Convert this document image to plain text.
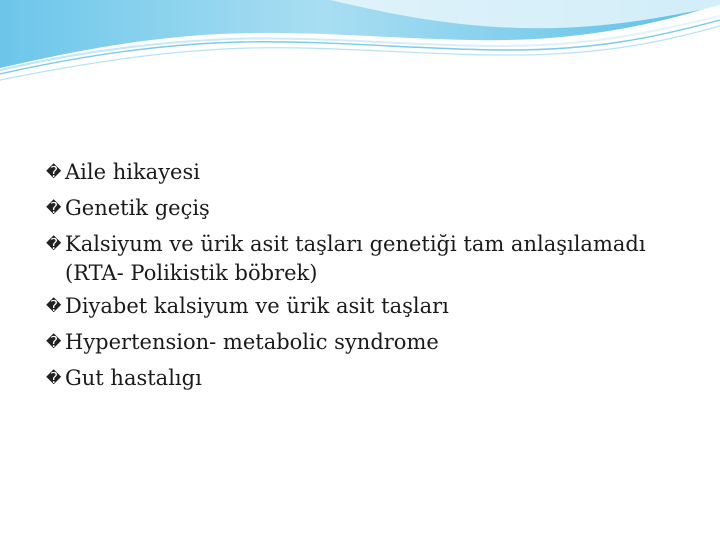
� Aile hikayesi
� Genetik geçiş
� Kalsiyum ve ürik asit taşları genetiği tam anlaşılamadı
(RTA- Polikistik böbrek)
� Diyabet kalsiyum ve ürik asit taşları
� Hypertension- metabolic syndrome
� Gut hastalıgı
